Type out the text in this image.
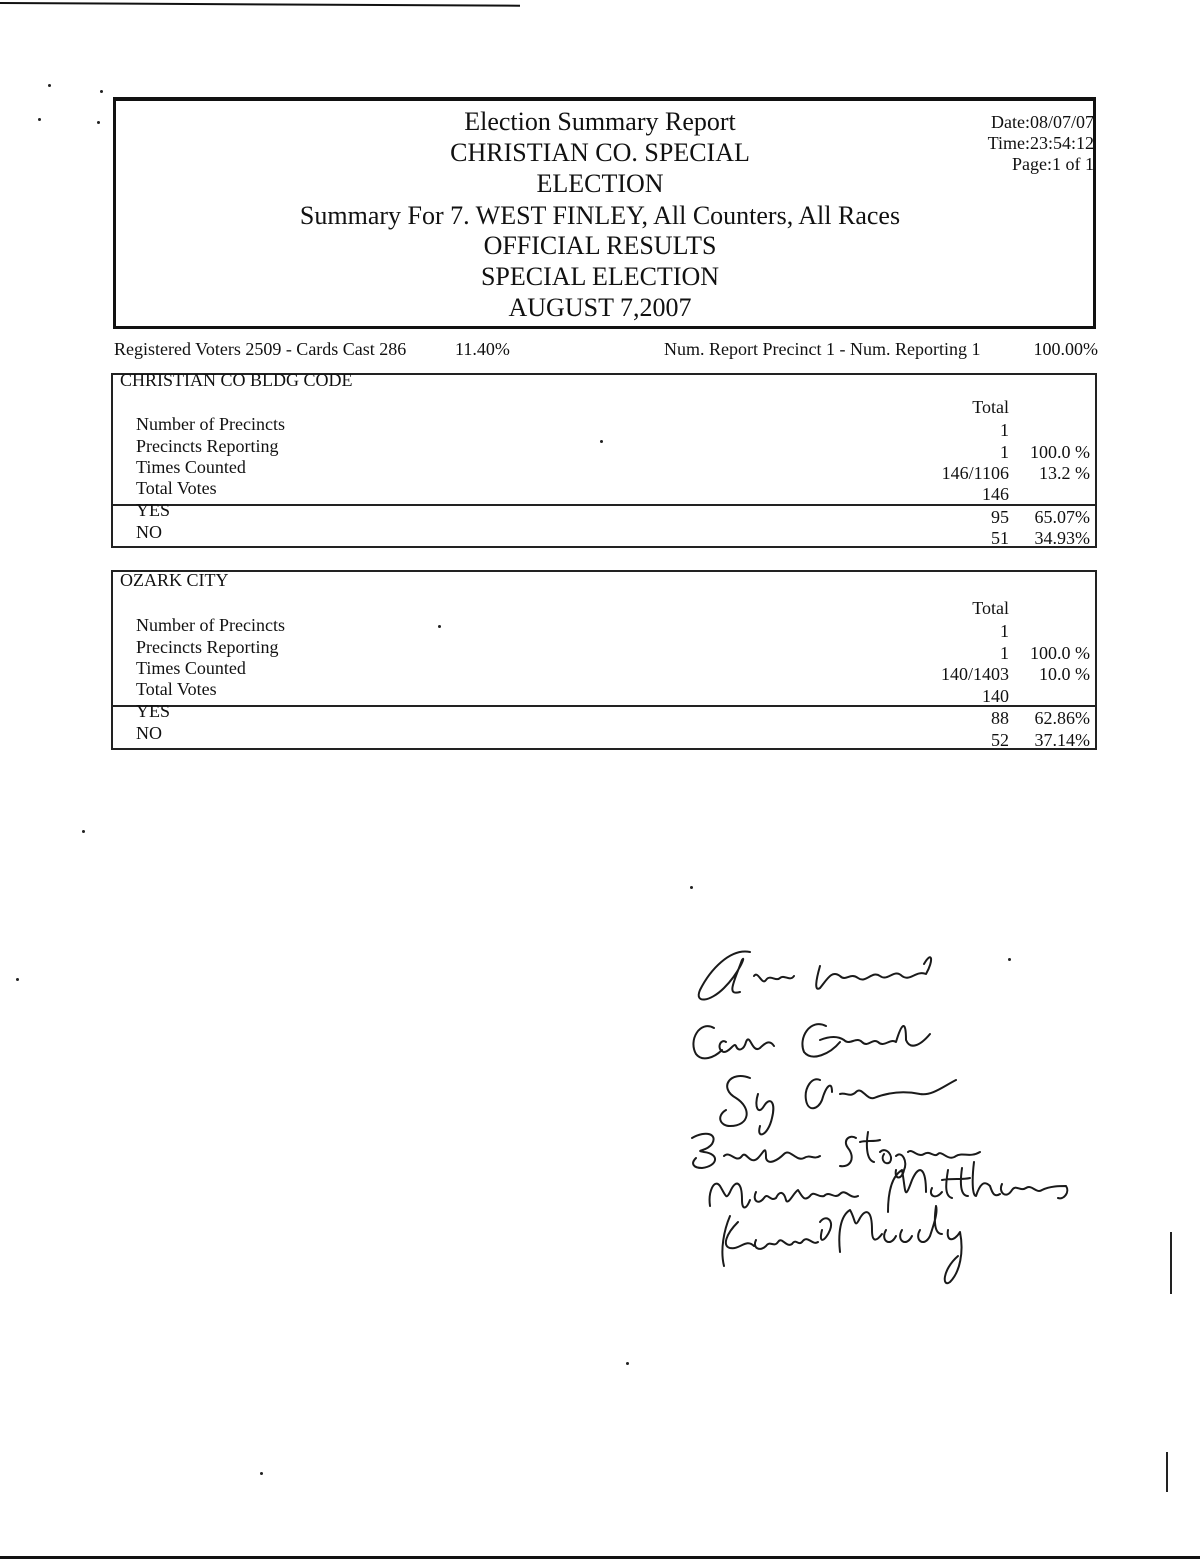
Election Summary Report
CHRISTIAN CO. SPECIAL
ELECTION
Summary For 7. WEST FINLEY, All Counters, All Races
OFFICIAL RESULTS
SPECIAL ELECTION
AUGUST 7,2007
Date:08/07/07
Time:23:54:12
Page:1 of 1
Registered Voters 2509 - Cards Cast 286	11.40%	Num. Report Precinct 1 - Num. Reporting 1	100.00%
CHRISTIAN CO BLDG CODE
Total
Number of Precincts	1
Precincts Reporting	1 100.0 %
Times Counted	146/1106 13.2 %
Total Votes	146
YES	95 65.07%
NO	51 34.93%
OZARK CITY
Total
Number of Precincts	1
Precincts Reporting	1 100.0 %
Times Counted	140/1403 10.0 %
Total Votes	140
YES	88 62.86%
NO	52 37.14%
